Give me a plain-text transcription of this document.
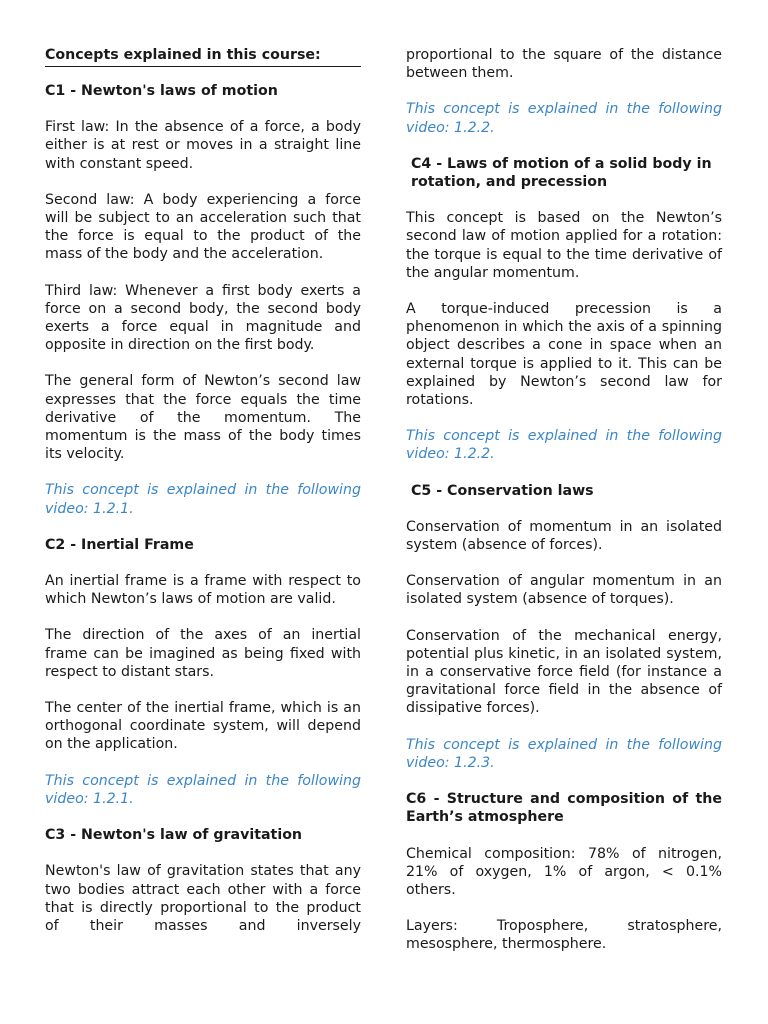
Concepts explained in this course:

C1 - Newton's laws of motion

First law: In the absence of a force, a body either is at rest or moves in a straight line with constant speed.

Second law: A body experiencing a force will be subject to an acceleration such that the force is equal to the product of the mass of the body and the acceleration.

Third law: Whenever a first body exerts a force on a second body, the second body exerts a force equal in magnitude and opposite in direction on the first body.

The general form of Newton’s second law expresses that the force equals the time derivative of the momentum. The momentum is the mass of the body times its velocity.

This concept is explained in the following video: 1.2.1.

C2 - Inertial Frame

An inertial frame is a frame with respect to which Newton’s laws of motion are valid.

The direction of the axes of an inertial frame can be imagined as being fixed with respect to distant stars.

The center of the inertial frame, which is an orthogonal coordinate system, will depend on the application.

This concept is explained in the following video: 1.2.1.

C3 - Newton's law of gravitation

Newton's law of gravitation states that any two bodies attract each other with a force that is directly proportional to the product of their masses and inversely

proportional to the square of the distance between them.

This concept is explained in the following video: 1.2.2.

C4 - Laws of motion of a solid body in rotation, and precession

This concept is based on the Newton’s second law of motion applied for a rotation: the torque is equal to the time derivative of the angular momentum.

A torque-induced precession is a phenomenon in which the axis of a spinning object describes a cone in space when an external torque is applied to it. This can be explained by Newton’s second law for rotations.

This concept is explained in the following video: 1.2.2.

C5 - Conservation laws

Conservation of momentum in an isolated system (absence of forces).

Conservation of angular momentum in an isolated system (absence of torques).

Conservation of the mechanical energy, potential plus kinetic, in an isolated system, in a conservative force field (for instance a gravitational force field in the absence of dissipative forces).

This concept is explained in the following video: 1.2.3.

C6 - Structure and composition of the Earth’s atmosphere

Chemical composition: 78% of nitrogen, 21% of oxygen, 1% of argon, < 0.1% others.

Layers: Troposphere, stratosphere, mesosphere, thermosphere.
